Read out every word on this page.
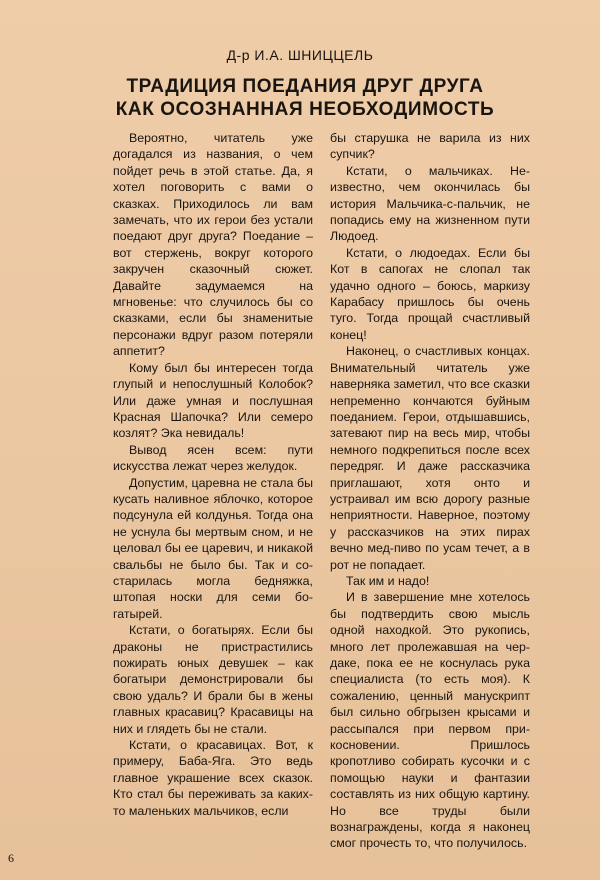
Д-р И.А. ШНИЦЦЕЛЬ
ТРАДИЦИЯ ПОЕДАНИЯ ДРУГ ДРУГА
КАК ОСОЗНАННАЯ НЕОБХОДИМОСТЬ

Вероятно, читатель уже догадался из названия, о чем пойдет речь в этой статье. Да, я хотел поговорить с вами о сказках. Приходилось ли вам замечать, что их герои без устали поедают друг друга? Поедание – вот стержень, вокруг которого закручен сказочный сюжет. Давайте задумаемся на мгновенье: что случилось бы со сказками, если бы знаменитые персонажи вдруг разом потеряли аппетит?

Кому был бы интересен тогда глупый и непослушный Колобок? Или даже умная и послушная Красная Шапочка? Или семеро козлят? Эка невидаль!

Вывод ясен всем: пути искусства лежат через желудок.

Допустим, царевна не стала бы кусать наливное яблочко, которое подсунула ей колдунья. Тогда она не уснула бы мертвым сном, и не целовал бы ее царевич, и никакой свальбы не было бы. Так и состарилась могла бедняжка, штопая носки для семи богатырей.

Кстати, о богатырях. Если бы драконы не пристрастились пожирать юных девушек – как богатыри демонстрировали бы свою удаль? И брали бы в жены главных красавиц? Красавицы на них и глядеть бы не стали.

Кстати, о красавицах. Вот, к примеру, Баба-Яга. Это ведь главное украшение всех сказок. Кто стал бы переживать за каких-то маленьких мальчиков, если

бы старушка не варила из них супчик?

Кстати, о мальчиках. Неизвестно, чем окончилась бы история Мальчика-с-пальчик, не попадись ему на жизненном пути Людоед.

Кстати, о людоедах. Если бы Кот в сапогах не слопал так удачно одного – боюсь, маркизу Карабасу пришлось бы очень туго. Тогда прощай счастливый конец!

Наконец, о счастливых концах. Внимательный читатель уже наверняка заметил, что все сказки непременно кончаются буйным поеданием. Герои, отдышавшись, затевают пир на весь мир, чтобы немного подкрепиться после всех передряг. И даже рассказчика приглашают, хотя онто и устраивал им всю дорогу разные неприятности. Наверное, поэтому у рассказчиков на этих пирах вечно мед-пиво по усам течет, а в рот не попадает.

Так им и надо!

И в завершение мне хотелось бы подтвердить свою мысль одной находкой. Это рукопись, много лет пролежавшая на чердаке, пока ее не коснулась рука специалиста (то есть моя). К сожалению, ценный манускрипт был сильно обгрызен крысами и рассыпался при первом прикосновении. Пришлось кропотливо собирать кусочки и с помощью науки и фантазии составлять из них общую картину. Но все труды были вознаграждены, когда я наконец смог прочесть то, что получилось.

6
